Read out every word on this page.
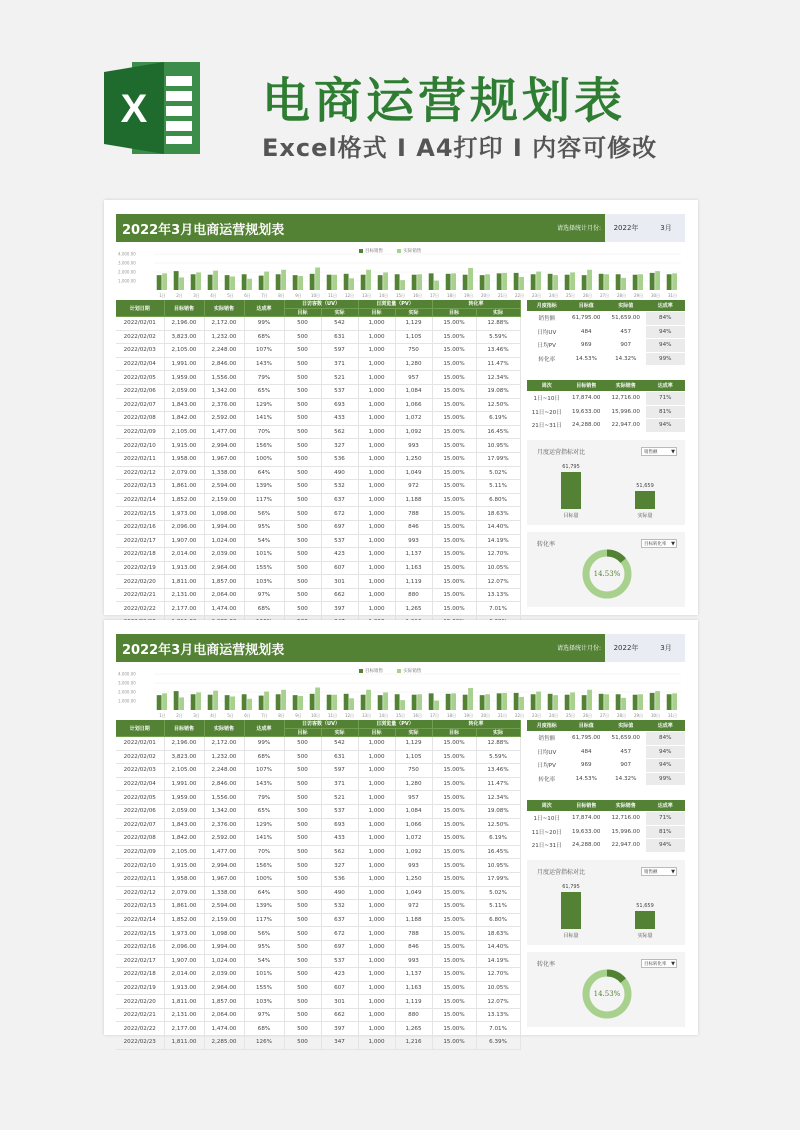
X 电商运营规划表
Excel格式 I A4打印 I 内容可修改
2022年3月电商运营规划表	请选择统计月份:	2022年	3月
目标销售	实际销售
4,000.00
3,000.00
2,000.00
1,000.00
1日	2日	3日	4日	5日	6日	7日	8日	9日 10日 11日 12日 13日 14日 15日 16日 17日 18日 19日 20日 21日 22日 23日 24日 25日 26日 27日 28日 29日 30日 31日
计划日期	目标销售	实际销售	达成率	日访客数（UV）		日浏览量（PV）		转化率	
				目标	实际	目标	实际	目标	实际
2022/02/01	2,196.00	2,172.00	99%	500	542	1,000	1,129	15.00%	12.88%
2022/02/02	3,823.00	1,232.00	68%	500	631	1,000	1,105	15.00%	5.59%
2022/02/03	2,105.00	2,248.00	107%	500	597	1,000	750	15.00%	13.46%
2022/02/04	1,991.00	2,846.00	143%	500	371	1,000	1,280	15.00%	11.47%
2022/02/05	1,959.00	1,556.00	79%	500	521	1,000	957	15.00%	12.34%
2022/02/06	2,059.00	1,342.00	65%	500	537	1,000	1,084	15.00%	19.08%
2022/02/07	1,843.00	2,376.00	129%	500	693	1,000	1,066	15.00%	12.50%
2022/02/08	1,842.00	2,592.00	141%	500	433	1,000	1,072	15.00%	6.19%
2022/02/09	2,105.00	1,477.00	70%	500	562	1,000	1,092	15.00%	16.45%
2022/02/10	1,915.00	2,994.00	156%	500	327	1,000	993	15.00%	10.95%
2022/02/11	1,958.00	1,967.00	100%	500	536	1,000	1,250	15.00%	17.99%
2022/02/12	2,079.00	1,338.00	64%	500	490	1,000	1,049	15.00%	5.02%
2022/02/13	1,861.00	2,594.00	139%	500	532	1,000	972	15.00%	5.11%
2022/02/14	1,852.00	2,159.00	117%	500	637	1,000	1,188	15.00%	6.80%
2022/02/15	1,973.00	1,098.00	56%	500	672	1,000	788	15.00%	18.63%
2022/02/16	2,096.00	1,994.00	95%	500	697	1,000	846	15.00%	14.40%
2022/02/17	1,907.00	1,024.00	54%	500	537	1,000	993	15.00%	14.19%
2022/02/18	2,014.00	2,039.00	101%	500	423	1,000	1,137	15.00%	12.70%
2022/02/19	1,913.00	2,964.00	155%	500	607	1,000	1,163	15.00%	10.05%
2022/02/20	1,811.00	1,857.00	103%	500	301	1,000	1,119	15.00%	12.07%
2022/02/21	2,131.00	2,064.00	97%	500	662	1,000	880	15.00%	13.13%
2022/02/22	2,177.00	1,474.00	68%	500	397	1,000	1,265	15.00%	7.01%

月度指标	目标值	实际值	达成率
销售额	61,795.00	51,659.00	84%
日均UV	484	457	94%
日均PV	969	907	94%
转化率	14.53%	14.32%	99%
周次	目标销售	实际销售	达成率
1日~10日	17,874.00	12,716.00	71%
11日~20日	19,633.00	15,996.00	81%
21日~31日	24,288.00	22,947.00	94%
月度运营指标对比	销售额	▼
61,795
51,659
目标量	实际量
转化率	目标转化率 ▼
14.53%
2022年3月电商运营规划表	请选择统计月份:	2022年	3月
目标销售	实际销售
4,000.00
3,000.00
2,000.00
1,000.00
1日	2日	3日	4日	5日	6日	7日	8日	9日 10日 11日 12日 13日 14日 15日 16日 17日 18日 19日 20日 21日 22日 23日 24日 25日 26日 27日 28日 29日 30日 31日
计划日期	目标销售	实际销售	达成率	日访客数（UV）		日浏览量（PV）		转化率	
				目标	实际	目标	实际	目标	实际
2022/02/01	2,196.00	2,172.00	99%	500	542	1,000	1,129	15.00%	12.88%
2022/02/02	3,823.00	1,232.00	68%	500	631	1,000	1,105	15.00%	5.59%
2022/02/03	2,105.00	2,248.00	107%	500	597	1,000	750	15.00%	13.46%
2022/02/04	1,991.00	2,846.00	143%	500	371	1,000	1,280	15.00%	11.47%
2022/02/05	1,959.00	1,556.00	79%	500	521	1,000	957	15.00%	12.34%
2022/02/06	2,059.00	1,342.00	65%	500	537	1,000	1,084	15.00%	19.08%
2022/02/07	1,843.00	2,376.00	129%	500	693	1,000	1,066	15.00%	12.50%
2022/02/08	1,842.00	2,592.00	141%	500	433	1,000	1,072	15.00%	6.19%
2022/02/09	2,105.00	1,477.00	70%	500	562	1,000	1,092	15.00%	16.45%
2022/02/10	1,915.00	2,994.00	156%	500	327	1,000	993	15.00%	10.95%
2022/02/11	1,958.00	1,967.00	100%	500	536	1,000	1,250	15.00%	17.99%
2022/02/12	2,079.00	1,338.00	64%	500	490	1,000	1,049	15.00%	5.02%
2022/02/13	1,861.00	2,594.00	139%	500	532	1,000	972	15.00%	5.11%
2022/02/14	1,852.00	2,159.00	117%	500	637	1,000	1,188	15.00%	6.80%
2022/02/15	1,973.00	1,098.00	56%	500	672	1,000	788	15.00%	18.63%
2022/02/16	2,096.00	1,994.00	95%	500	697	1,000	846	15.00%	14.40%
2022/02/17	1,907.00	1,024.00	54%	500	537	1,000	993	15.00%	14.19%
2022/02/18	2,014.00	2,039.00	101%	500	423	1,000	1,137	15.00%	12.70%
2022/02/19	1,913.00	2,964.00	155%	500	607	1,000	1,163	15.00%	10.05%
2022/02/20	1,811.00	1,857.00	103%	500	301	1,000	1,119	15.00%	12.07%
2022/02/21	2,131.00	2,064.00	97%	500	662	1,000	880	15.00%	13.13%
2022/02/22	2,177.00	1,474.00	68%	500	397	1,000	1,265	15.00%	7.01%
2022/02/23	1,811.00	2,285.00	126%	500	347	1,000	1,216	15.00%	6.39%
月度指标	目标值	实际值	达成率
销售额	61,795.00	51,659.00	84%
日均UV	484	457	94%
日均PV	969	907	94%
转化率	14.53%	14.32%	99%
周次	目标销售	实际销售	达成率
1日~10日	17,874.00	12,716.00	71%
11日~20日	19,633.00	15,996.00	81%
21日~31日	24,288.00	22,947.00	94%
月度运营指标对比	销售额	▼
61,795
51,659
目标量	实际量
转化率	目标转化率 ▼
14.53%
